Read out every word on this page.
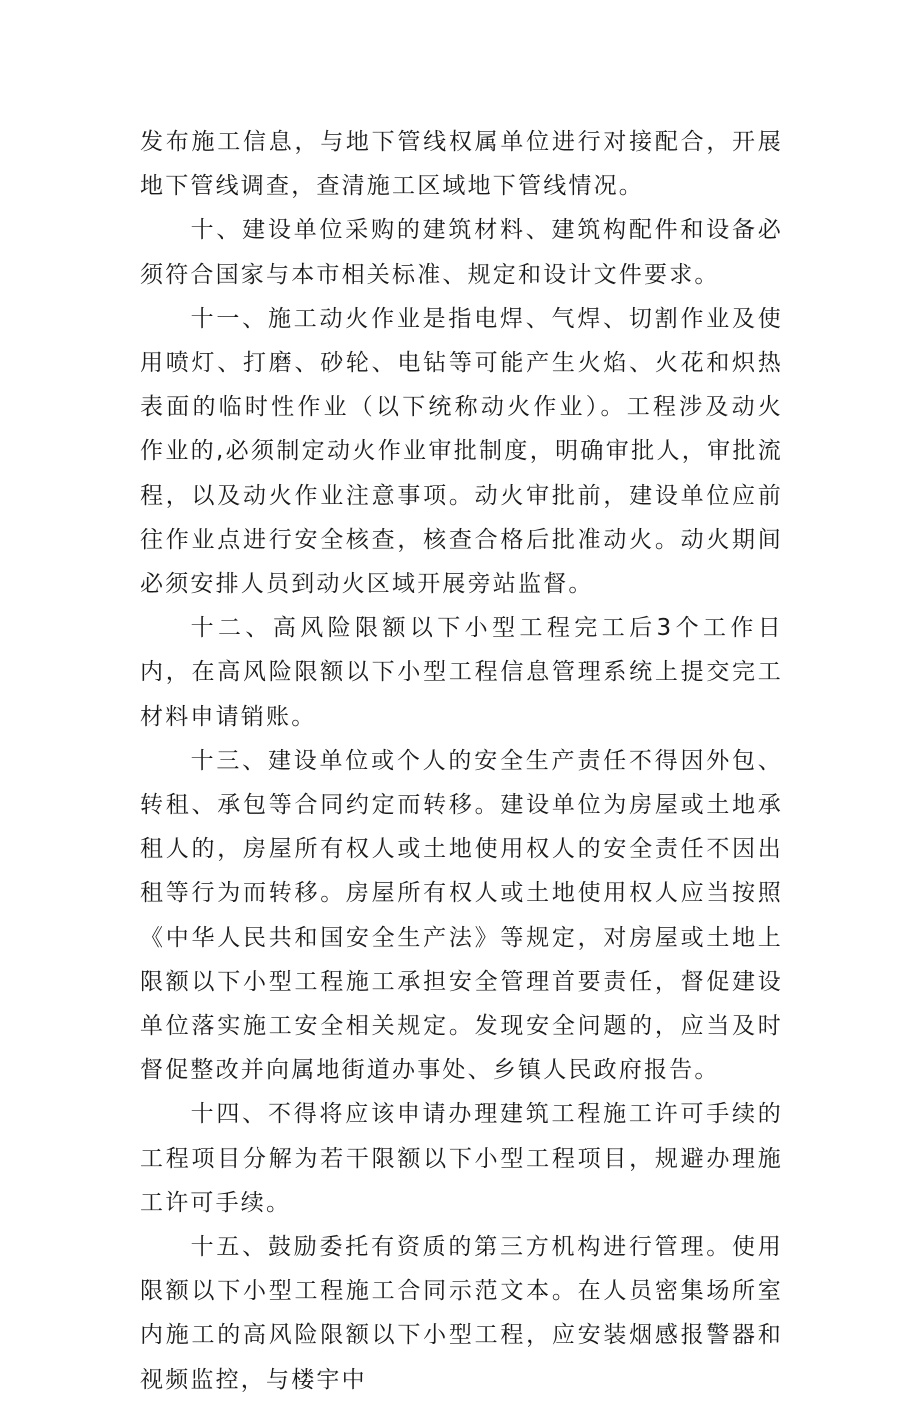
发布施工信息，与地下管线权属单位进行对接配合，开展地下管线调查，查清施工区域地下管线情况。

十、建设单位采购的建筑材料、建筑构配件和设备必须符合国家与本市相关标准、规定和设计文件要求。

十一、施工动火作业是指电焊、气焊、切割作业及使用喷灯、打磨、砂轮、电钻等可能产生火焰、火花和炽热表面的临时性作业（以下统称动火作业）。工程涉及动火作业的,必须制定动火作业审批制度，明确审批人，审批流程，以及动火作业注意事项。动火审批前，建设单位应前往作业点进行安全核查，核查合格后批准动火。动火期间必须安排人员到动火区域开展旁站监督。

十二、高风险限额以下小型工程完工后3个工作日内，在高风险限额以下小型工程信息管理系统上提交完工材料申请销账。

十三、建设单位或个人的安全生产责任不得因外包、转租、承包等合同约定而转移。建设单位为房屋或土地承租人的，房屋所有权人或土地使用权人的安全责任不因出租等行为而转移。房屋所有权人或土地使用权人应当按照《中华人民共和国安全生产法》等规定，对房屋或土地上限额以下小型工程施工承担安全管理首要责任，督促建设单位落实施工安全相关规定。发现安全问题的，应当及时督促整改并向属地街道办事处、乡镇人民政府报告。

十四、不得将应该申请办理建筑工程施工许可手续的工程项目分解为若干限额以下小型工程项目，规避办理施工许可手续。

十五、鼓励委托有资质的第三方机构进行管理。使用限额以下小型工程施工合同示范文本。在人员密集场所室内施工的高风险限额以下小型工程，应安装烟感报警器和视频监控，与楼宇中
